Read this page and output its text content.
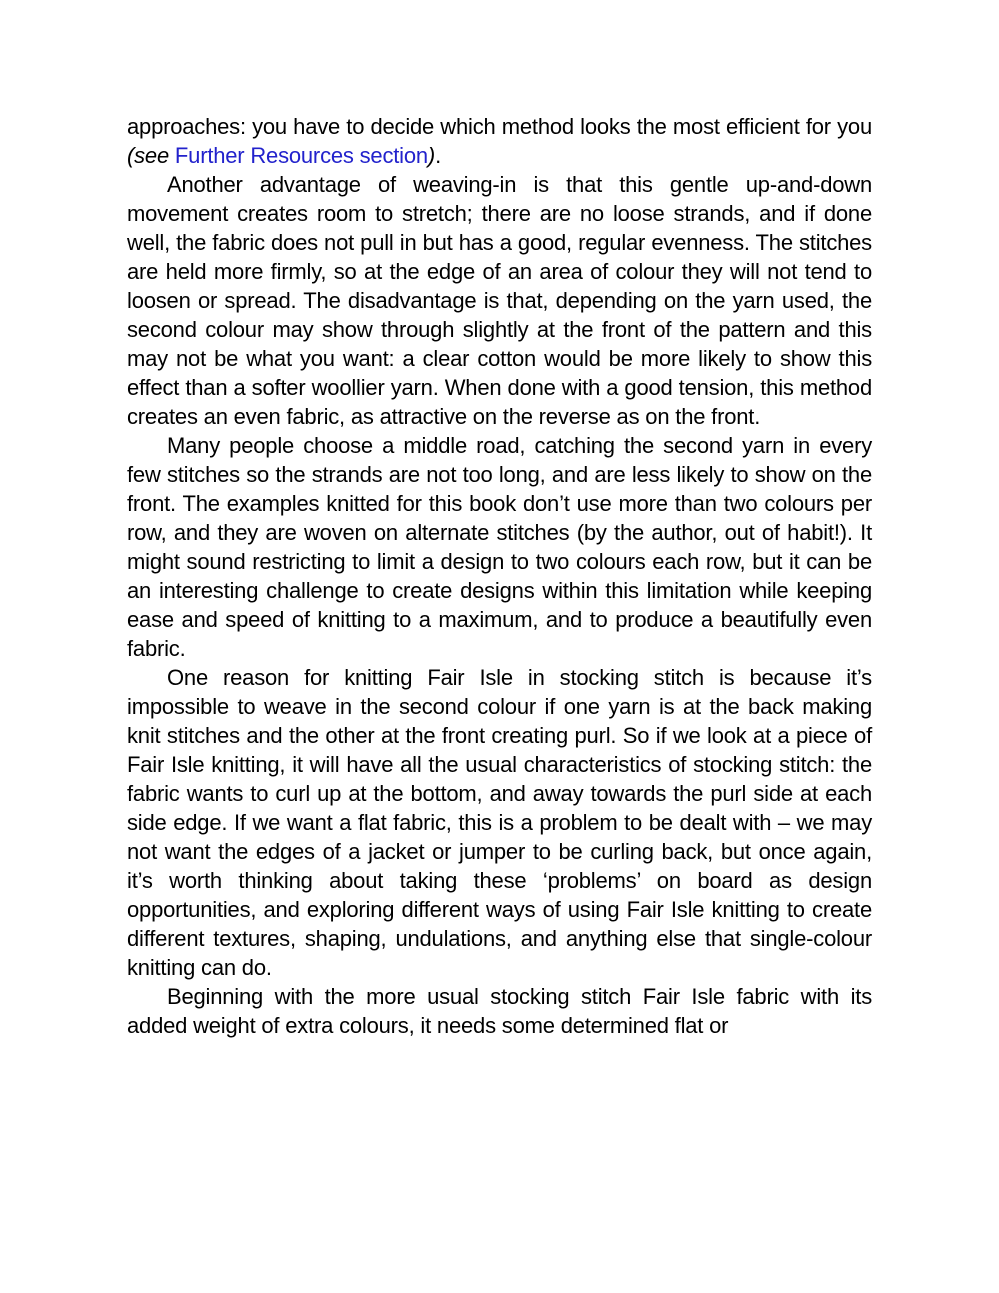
approaches: you have to decide which method looks the most efficient for you (see Further Resources section).

Another advantage of weaving-in is that this gentle up-and-down movement creates room to stretch; there are no loose strands, and if done well, the fabric does not pull in but has a good, regular evenness. The stitches are held more firmly, so at the edge of an area of colour they will not tend to loosen or spread. The disadvantage is that, depending on the yarn used, the second colour may show through slightly at the front of the pattern and this may not be what you want: a clear cotton would be more likely to show this effect than a softer woollier yarn. When done with a good tension, this method creates an even fabric, as attractive on the reverse as on the front.

Many people choose a middle road, catching the second yarn in every few stitches so the strands are not too long, and are less likely to show on the front. The examples knitted for this book don’t use more than two colours per row, and they are woven on alternate stitches (by the author, out of habit!). It might sound restricting to limit a design to two colours each row, but it can be an interesting challenge to create designs within this limitation while keeping ease and speed of knitting to a maximum, and to produce a beautifully even fabric.

One reason for knitting Fair Isle in stocking stitch is because it’s impossible to weave in the second colour if one yarn is at the back making knit stitches and the other at the front creating purl. So if we look at a piece of Fair Isle knitting, it will have all the usual characteristics of stocking stitch: the fabric wants to curl up at the bottom, and away towards the purl side at each side edge. If we want a flat fabric, this is a problem to be dealt with – we may not want the edges of a jacket or jumper to be curling back, but once again, it’s worth thinking about taking these ‘problems’ on board as design opportunities, and exploring different ways of using Fair Isle knitting to create different textures, shaping, undulations, and anything else that single-colour knitting can do.

Beginning with the more usual stocking stitch Fair Isle fabric with its added weight of extra colours, it needs some determined flat or
